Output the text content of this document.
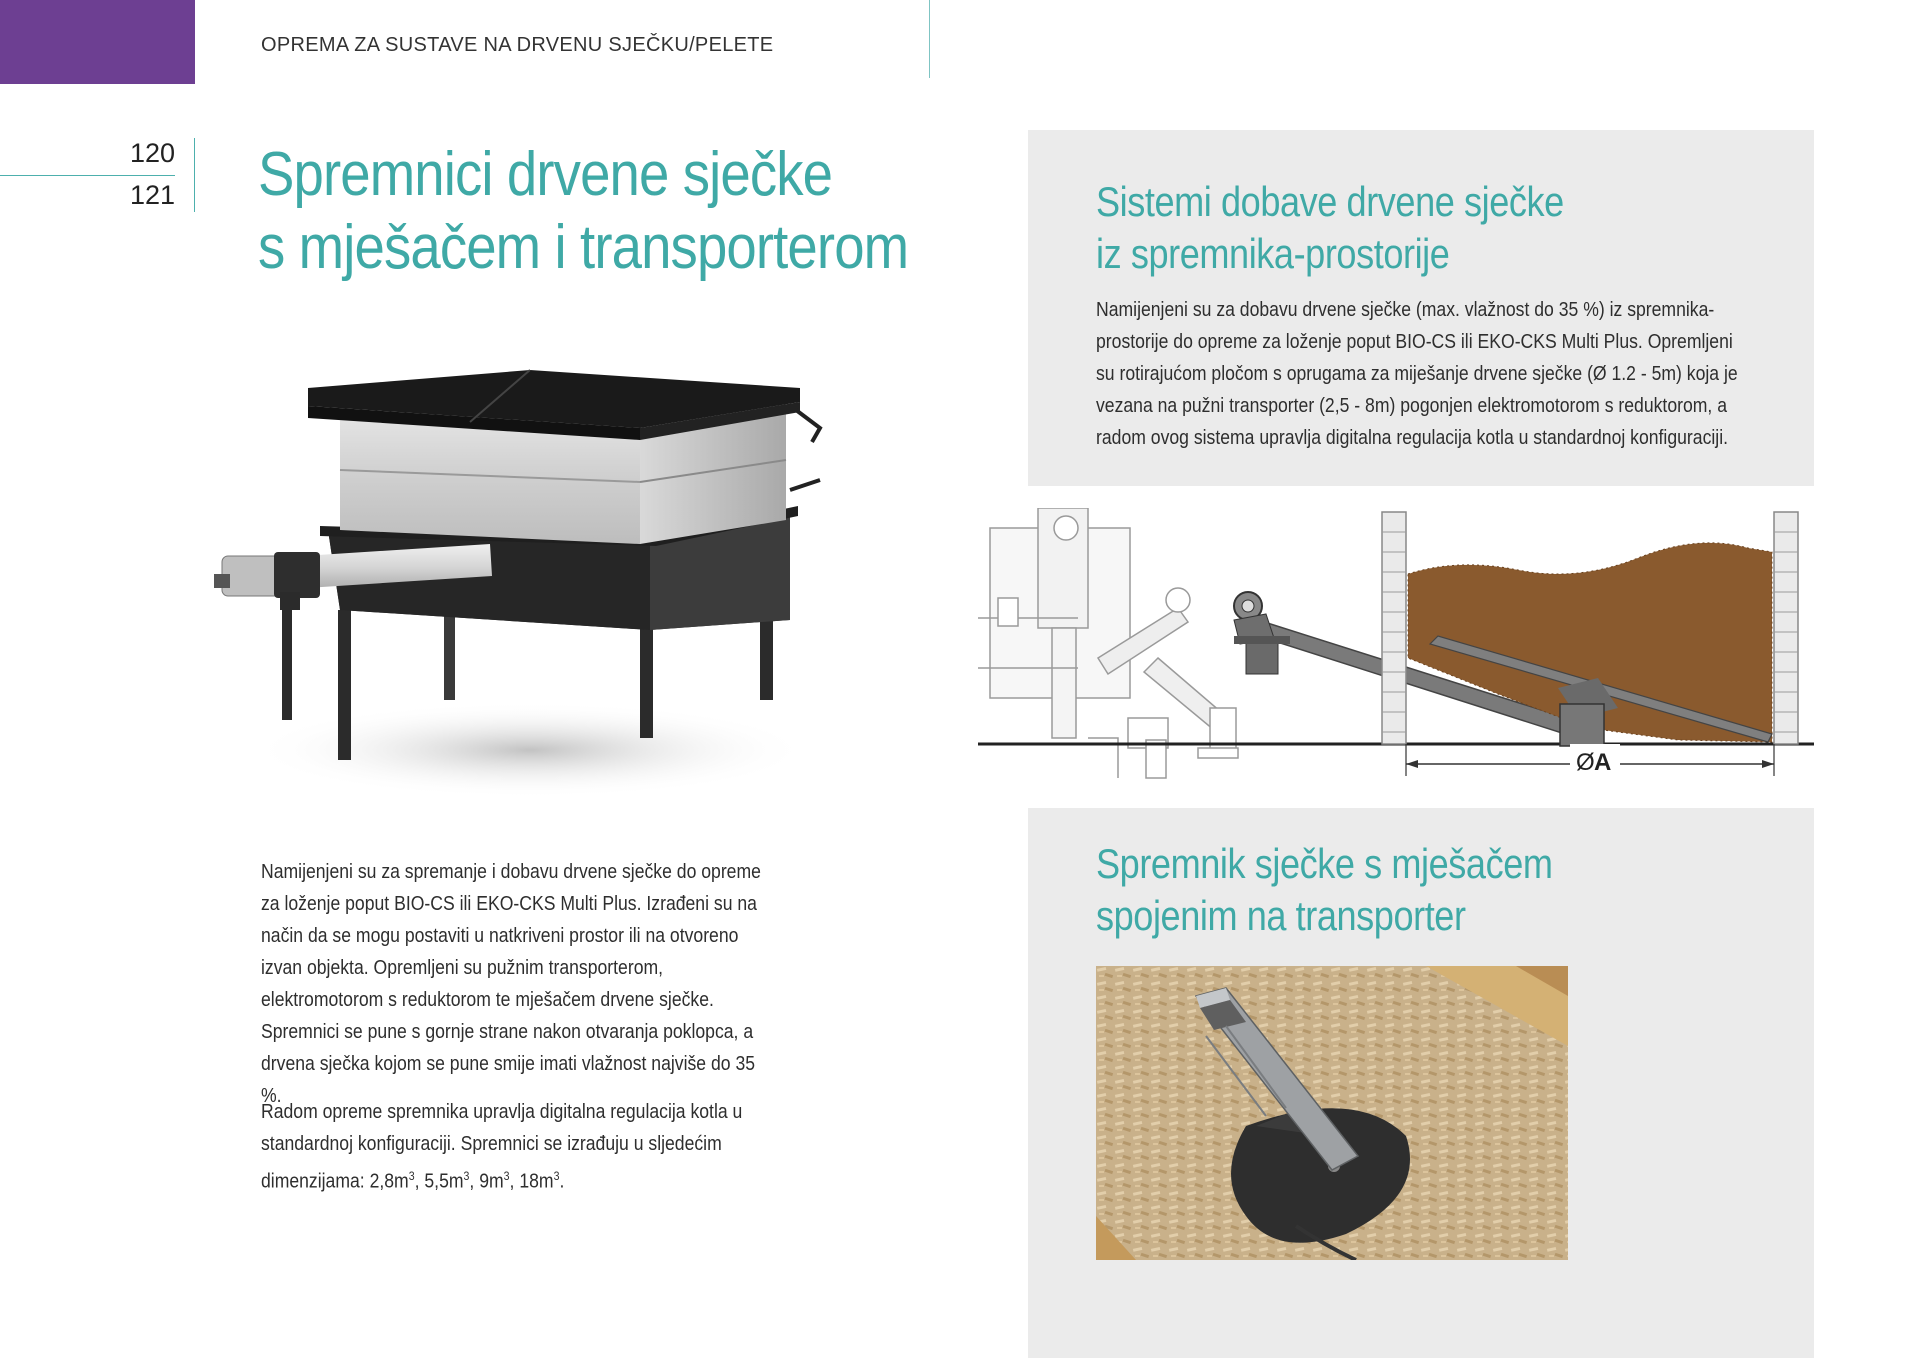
OPREMA ZA SUSTAVE NA DRVENU SJEČKU/PELETE
120
121 Spremnici drvene sječke
s mješačem i transporterom

Namijenjeni su za spremanje i dobavu drvene sječke do opreme za loženje poput BIO-CS ili EKO-CKS Multi Plus. Izrađeni su na način da se mogu postaviti u natkriveni prostor ili na otvoreno izvan objekta. Opremljeni su pužnim transporterom, elektromotorom s reduktorom te mješačem drvene sječke. Spremnici se pune s gornje strane nakon otvaranja poklopca, a drvena sječka kojom se pune smije imati vlažnost najviše do 35 %.

Radom opreme spremnika upravlja digitalna regulacija kotla u standardnoj konfiguraciji. Spremnici se izrađuju u sljedećim dimenzijama: $2,8m^3$, $5,5m^3$, $9m^3$, $18m^3$.

Sistemi dobave drvene sječke
iz spremnika-prostorije

Namijenjeni su za dobavu drvene sječke (max. vlažnost do 35 %) iz spremnika-prostorije do opreme za loženje poput BIO-CS ili EKO-CKS Multi Plus. Opremljeni su rotirajućom pločom s oprugama za miješanje drvene sječke (Ø 1.2 - 5m) koja je vezana na pužni transporter (2,5 - 8m) pogonjen elektromotorom s reduktorom, a radom ovog sistema upravlja digitalna regulacija kotla u standardnoj konfiguraciji.

Ø A
Spremnik sječke s mješačem
spojenim na transporter
